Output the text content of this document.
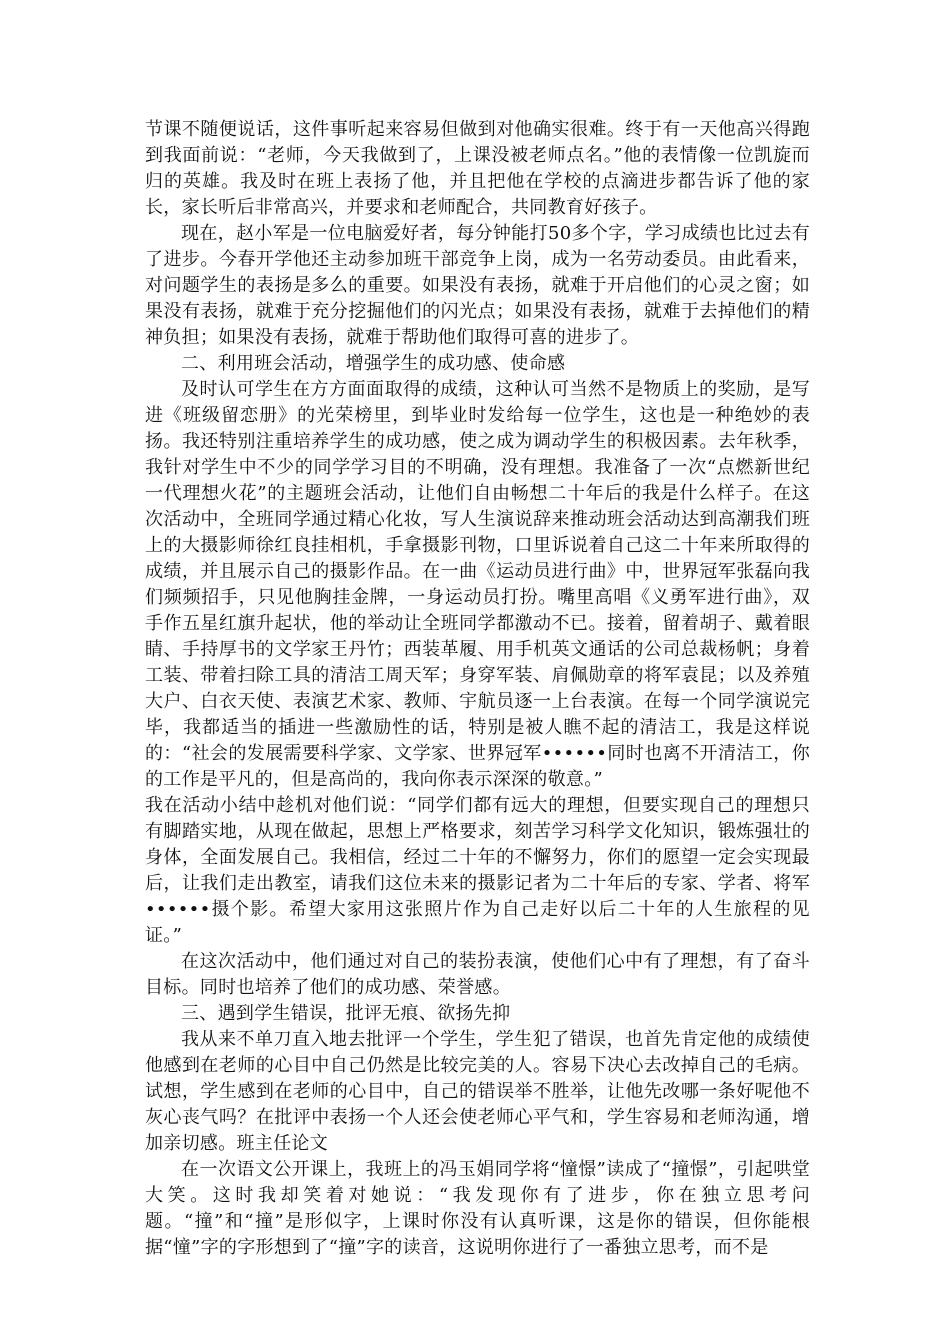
节课不随便说话，这件事听起来容易但做到对他确实很难。终于有一天他高兴得跑到我面前说：“老师，今天我做到了，上课没被老师点名。”他的表情像一位凯旋而归的英雄。我及时在班上表扬了他，并且把他在学校的点滴进步都告诉了他的家长，家长听后非常高兴，并要求和老师配合，共同教育好孩子。

现在，赵小军是一位电脑爱好者，每分钟能打50多个字，学习成绩也比过去有了进步。今春开学他还主动参加班干部竞争上岗，成为一名劳动委员。由此看来，对问题学生的表扬是多么的重要。如果没有表扬，就难于开启他们的心灵之窗；如果没有表扬，就难于充分挖掘他们的闪光点；如果没有表扬，就难于去掉他们的精神负担；如果没有表扬，就难于帮助他们取得可喜的进步了。

二、利用班会活动，增强学生的成功感、使命感

及时认可学生在方方面面取得的成绩，这种认可当然不是物质上的奖励，是写进《班级留恋册》的光荣榜里，到毕业时发给每一位学生，这也是一种绝妙的表扬。我还特别注重培养学生的成功感，使之成为调动学生的积极因素。去年秋季，我针对学生中不少的同学学习目的不明确，没有理想。我准备了一次“点燃新世纪一代理想火花”的主题班会活动，让他们自由畅想二十年后的我是什么样子。在这次活动中，全班同学通过精心化妆，写人生演说辞来推动班会活动达到高潮我们班上的大摄影师徐红良挂相机，手拿摄影刊物，口里诉说着自己这二十年来所取得的成绩，并且展示自己的摄影作品。在一曲《运动员进行曲》中，世界冠军张磊向我们频频招手，只见他胸挂金牌，一身运动员打扮。嘴里高唱《义勇军进行曲》，双手作五星红旗升起状，他的举动让全班同学都激动不已。接着，留着胡子、戴着眼睛、手持厚书的文学家王丹竹；西装革履、用手机英文通话的公司总裁杨帆；身着工装、带着扫除工具的清洁工周天军；身穿军装、肩佩勋章的将军袁昆；以及养殖大户、白衣天使、表演艺术家、教师、宇航员逐一上台表演。在每一个同学演说完毕，我都适当的插进一些激励性的话，特别是被人瞧不起的清洁工，我是这样说的：“社会的发展需要科学家、文学家、世界冠军••••••同时也离不开清洁工，你的工作是平凡的，但是高尚的，我向你表示深深的敬意。”

我在活动小结中趁机对他们说：“同学们都有远大的理想，但要实现自己的理想只有脚踏实地，从现在做起，思想上严格要求，刻苦学习科学文化知识，锻炼强壮的身体，全面发展自己。我相信，经过二十年的不懈努力，你们的愿望一定会实现最后，让我们走出教室，请我们这位未来的摄影记者为二十年后的专家、学者、将军••••••摄个影。希望大家用这张照片作为自己走好以后二十年的人生旅程的见证。”

在这次活动中，他们通过对自己的装扮表演，使他们心中有了理想，有了奋斗目标。同时也培养了他们的成功感、荣誉感。

三、遇到学生错误，批评无痕、欲扬先抑

我从来不单刀直入地去批评一个学生，学生犯了错误，也首先肯定他的成绩使他感到在老师的心目中自己仍然是比较完美的人。容易下决心去改掉自己的毛病。试想，学生感到在老师的心目中，自己的错误举不胜举，让他先改哪一条好呢他不灰心丧气吗？在批评中表扬一个人还会使老师心平气和，学生容易和老师沟通，增加亲切感。班主任论文

在一次语文公开课上，我班上的冯玉娟同学将“憧憬”读成了“撞憬”，引起哄堂大笑。这时我却笑着对她说：“我发现你有了进步，你在独立思考问题。“撞”和“撞”是形似字，上课时你没有认真听课，这是你的错误，但你能根据“憧”字的字形想到了“撞”字的读音，这说明你进行了一番独立思考，而不是
